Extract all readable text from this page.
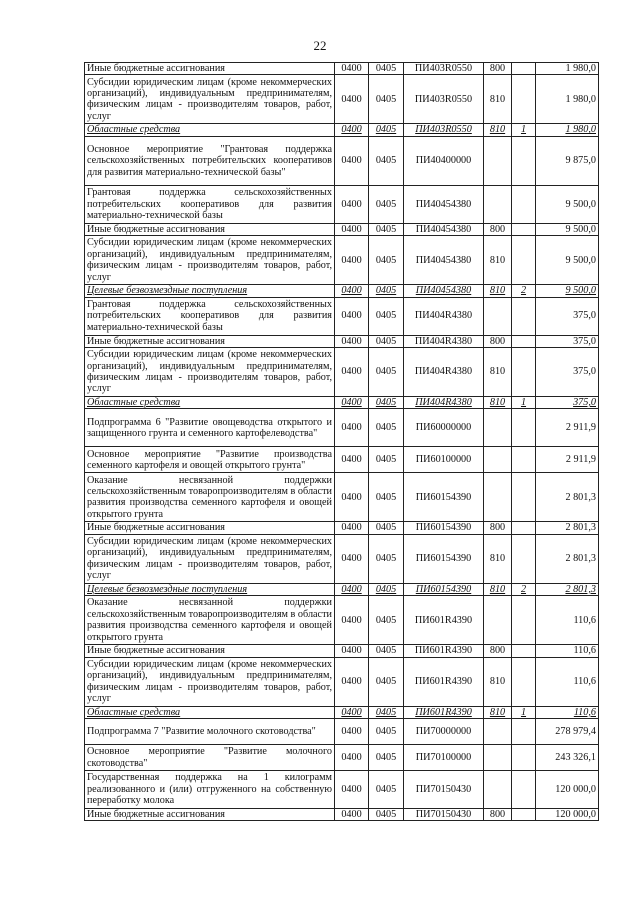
22
Иные бюджетные ассигнования	0400	0405	ПИ403R0550	800		1 980,0
Субсидии юридическим лицам (кроме некоммерческих организаций), индивидуальным предпринимателям, физическим лицам - производителям товаров, работ, услуг	0400	0405	ПИ403R0550	810		1 980,0
Областные средства	0400	0405	ПИ403R0550	810	1	1 980,0
Основное мероприятие "Грантовая поддержка сельскохозяйственных потребительских кооперативов для развития материально-технической базы"	0400	0405	ПИ40400000			9 875,0
Грантовая поддержка сельскохозяйственных потребительских кооперативов для развития материально-технической базы	0400	0405	ПИ40454380			9 500,0
Иные бюджетные ассигнования	0400	0405	ПИ40454380	800		9 500,0
Субсидии юридическим лицам (кроме некоммерческих организаций), индивидуальным предпринимателям, физическим лицам - производителям товаров, работ, услуг	0400	0405	ПИ40454380	810		9 500,0
Целевые безвозмездные поступления	0400	0405	ПИ40454380	810	2	9 500,0
Грантовая поддержка сельскохозяйственных потребительских кооперативов для развития материально-технической базы	0400	0405	ПИ404R4380			375,0
Иные бюджетные ассигнования	0400	0405	ПИ404R4380	800		375,0
Субсидии юридическим лицам (кроме некоммерческих организаций), индивидуальным предпринимателям, физическим лицам - производителям товаров, работ, услуг	0400	0405	ПИ404R4380	810		375,0
Областные средства	0400	0405	ПИ404R4380	810	1	375,0
Подпрограмма 6 "Развитие овощеводства открытого и защищенного грунта и семенного картофелеводства"	0400	0405	ПИ60000000			2 911,9
Основное мероприятие "Развитие производства семенного картофеля и овощей открытого грунта"	0400	0405	ПИ60100000			2 911,9
Оказание несвязанной поддержки сельскохозяйственным товаропроизводителям в области развития производства семенного картофеля и овощей открытого грунта	0400	0405	ПИ60154390			2 801,3
Иные бюджетные ассигнования	0400	0405	ПИ60154390	800		2 801,3
Субсидии юридическим лицам (кроме некоммерческих организаций), индивидуальным предпринимателям, физическим лицам - производителям товаров, работ, услуг	0400	0405	ПИ60154390	810		2 801,3
Целевые безвозмездные поступления	0400	0405	ПИ60154390	810	2	2 801,3
Оказание несвязанной поддержки сельскохозяйственным товаропроизводителям в области развития производства семенного картофеля и овощей открытого грунта	0400	0405	ПИ601R4390			110,6
Иные бюджетные ассигнования	0400	0405	ПИ601R4390	800		110,6
Субсидии юридическим лицам (кроме некоммерческих организаций), индивидуальным предпринимателям, физическим лицам - производителям товаров, работ, услуг	0400	0405	ПИ601R4390	810		110,6
Областные средства	0400	0405	ПИ601R4390	810	1	110,6
Подпрограмма 7 "Развитие молочного скотоводства"	0400	0405	ПИ70000000			278 979,4
Основное мероприятие "Развитие молочного скотоводства"	0400	0405	ПИ70100000			243 326,1
Государственная поддержка на 1 килограмм реализованного и (или) отгруженного на собственную переработку молока	0400	0405	ПИ70150430			120 000,0
Иные бюджетные ассигнования	0400	0405	ПИ70150430	800		120 000,0
